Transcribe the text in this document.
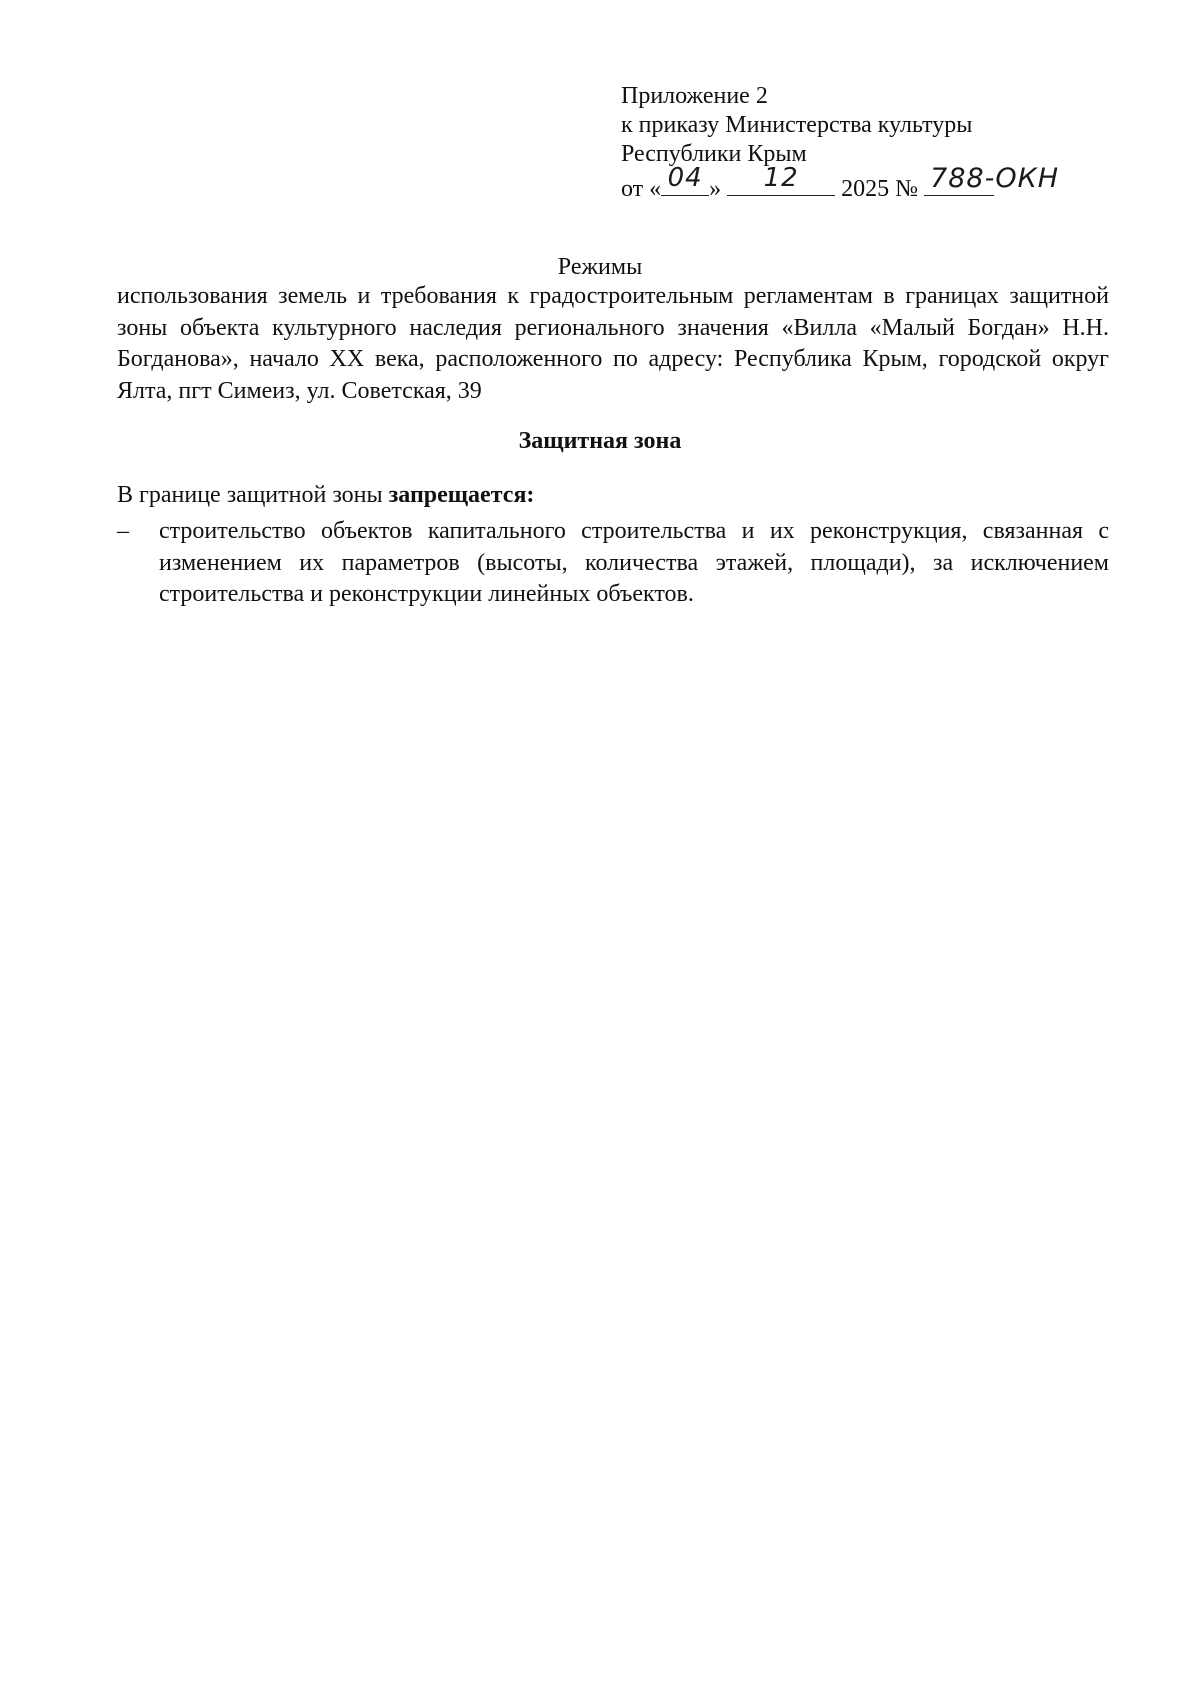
Приложение 2
к приказу Министерства культуры
Республики Крым
от « 04 »	12	2025 № 788-ОКН
Режимы
использования земель и требования к градостроительным регламентам в границах защитной зоны объекта культурного наследия регионального значения «Вилла «Малый Богдан» Н.Н. Богданова», начало XX века, расположенного по адресу: Республика Крым, городской округ Ялта, пгт Симеиз, ул. Советская, 39
Защитная зона
В границе защитной зоны запрещается:
– строительство объектов капитального строительства и их реконструкция, связанная с изменением их параметров (высоты, количества этажей, площади), за исключением строительства и реконструкции линейных объектов.
